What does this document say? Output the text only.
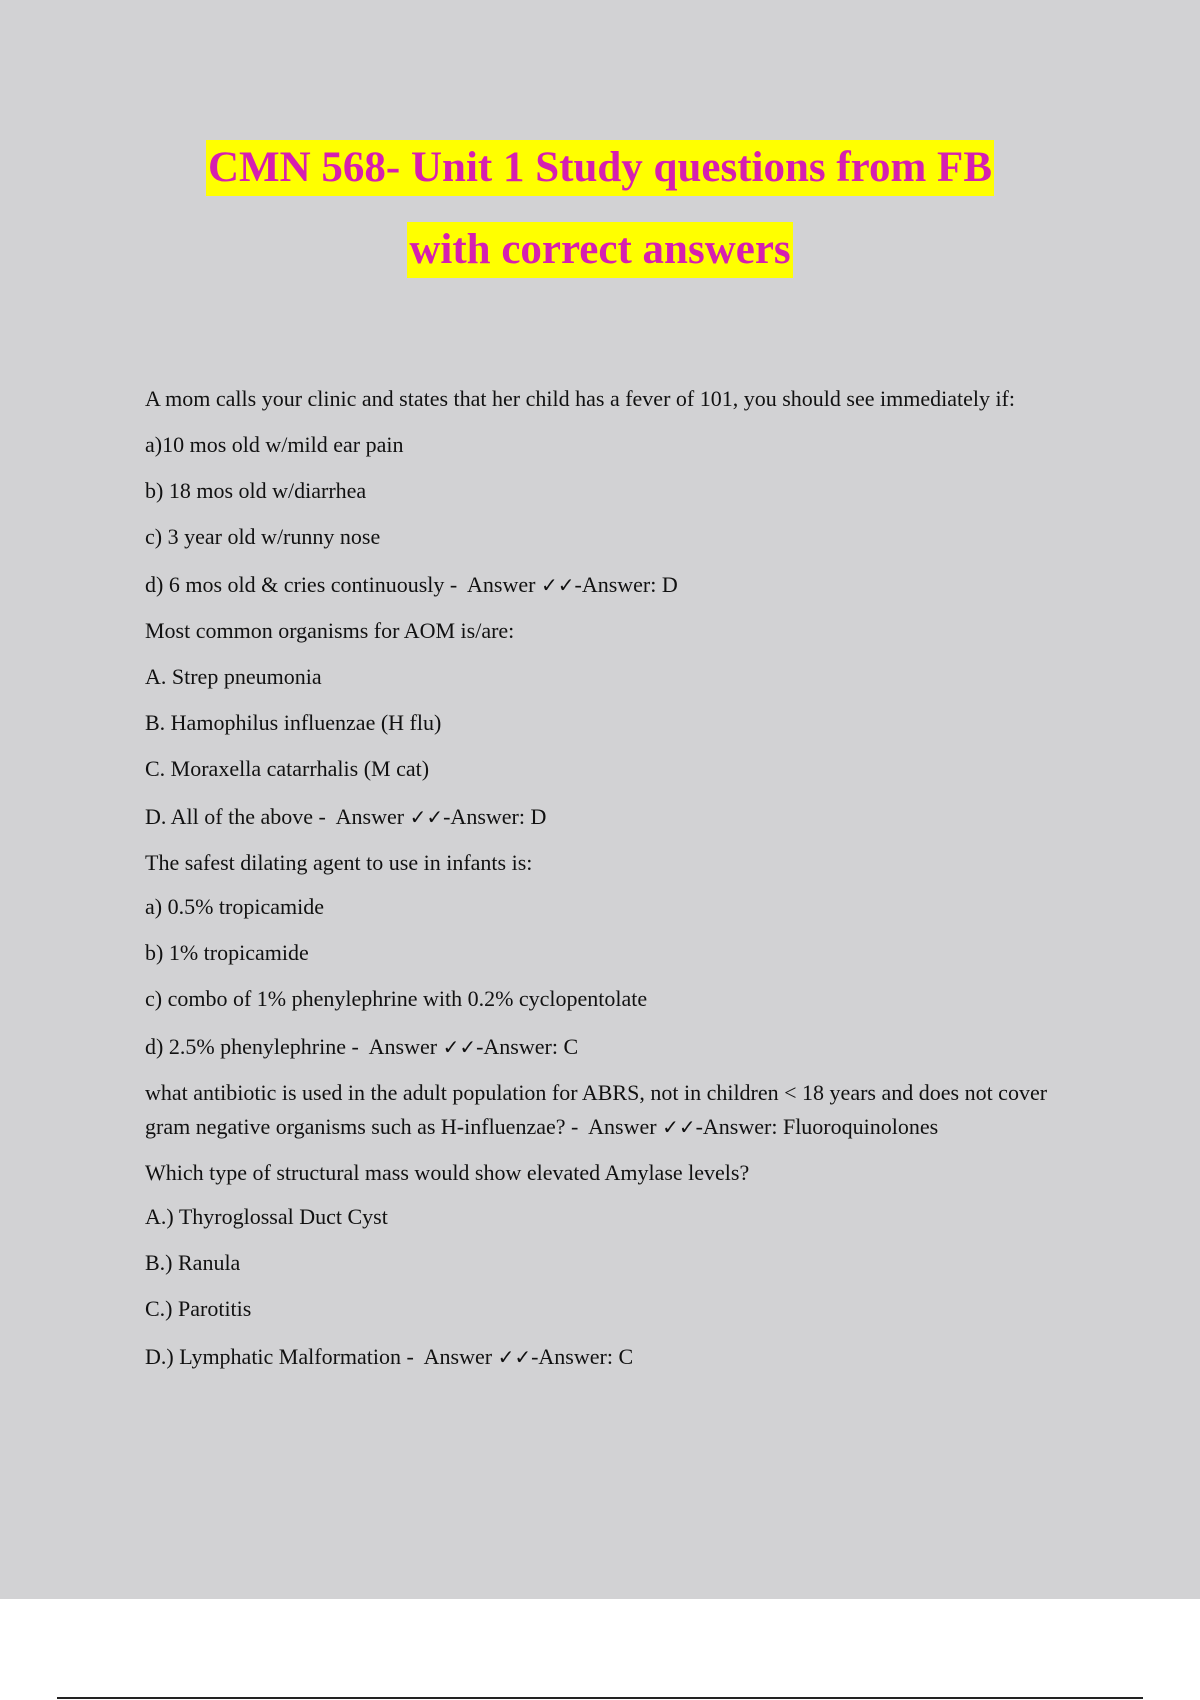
CMN 568- Unit 1 Study questions from FB
with correct answers

A mom calls your clinic and states that her child has a fever of 101, you should see immediately if:

a)10 mos old w/mild ear pain

b) 18 mos old w/diarrhea

c) 3 year old w/runny nose

d) 6 mos old & cries continuously -  Answer ✓✓-Answer: D

Most common organisms for AOM is/are:

A. Strep pneumonia

B. Hamophilus influenzae (H flu)

C. Moraxella catarrhalis (M cat)

D. All of the above -  Answer ✓✓-Answer: D

The safest dilating agent to use in infants is:

a) 0.5% tropicamide

b) 1% tropicamide

c) combo of 1% phenylephrine with 0.2% cyclopentolate

d) 2.5% phenylephrine -  Answer ✓✓-Answer: C

what antibiotic is used in the adult population for ABRS, not in children < 18 years and does not cover gram negative organisms such as H-influenzae? -  Answer ✓✓-Answer: Fluoroquinolones

Which type of structural mass would show elevated Amylase levels?

A.) Thyroglossal Duct Cyst

B.) Ranula

C.) Parotitis

D.) Lymphatic Malformation -  Answer ✓✓-Answer: C
